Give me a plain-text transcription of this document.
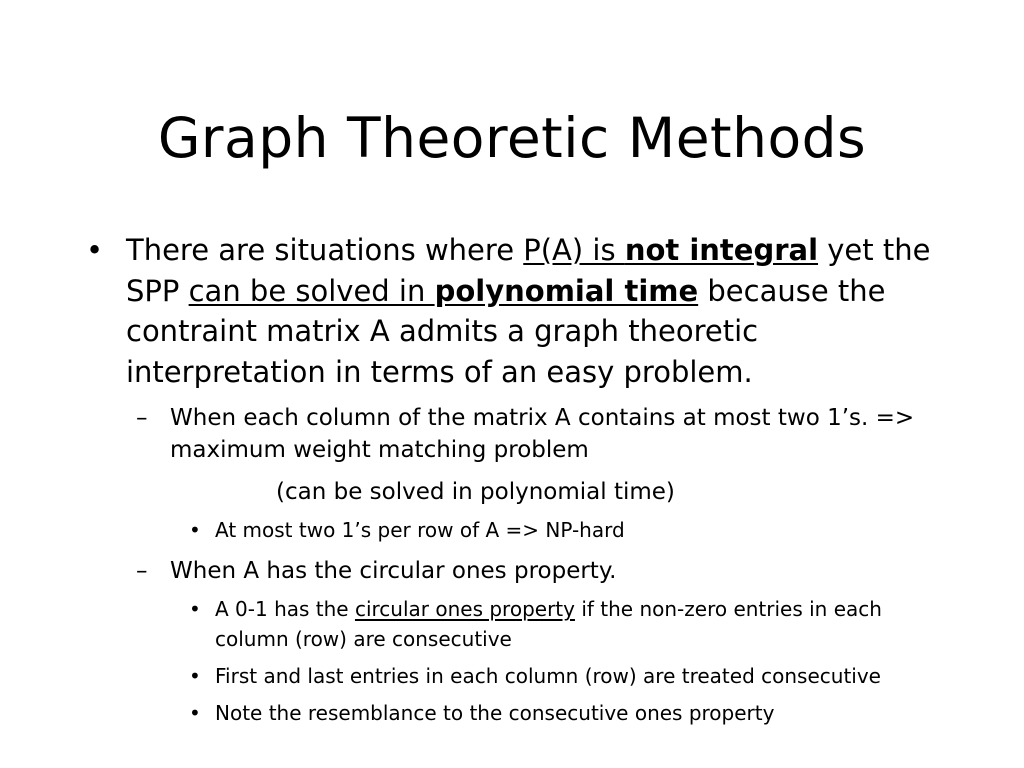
Graph Theoretic Methods
• There are situations where P(A) is not integral yet the SPP can be solved in polynomial time because the contraint matrix A admits a graph theoretic interpretation in terms of an easy problem.
– When each column of the matrix A contains at most two 1’s. => maximum weight matching problem
(can be solved in polynomial time)
• At most two 1’s per row of A => NP-hard
– When A has the circular ones property.
• A 0-1 has the circular ones property if the non-zero entries in each column (row) are consecutive
• First and last entries in each column (row) are treated consecutive
• Note the resemblance to the consecutive ones property
